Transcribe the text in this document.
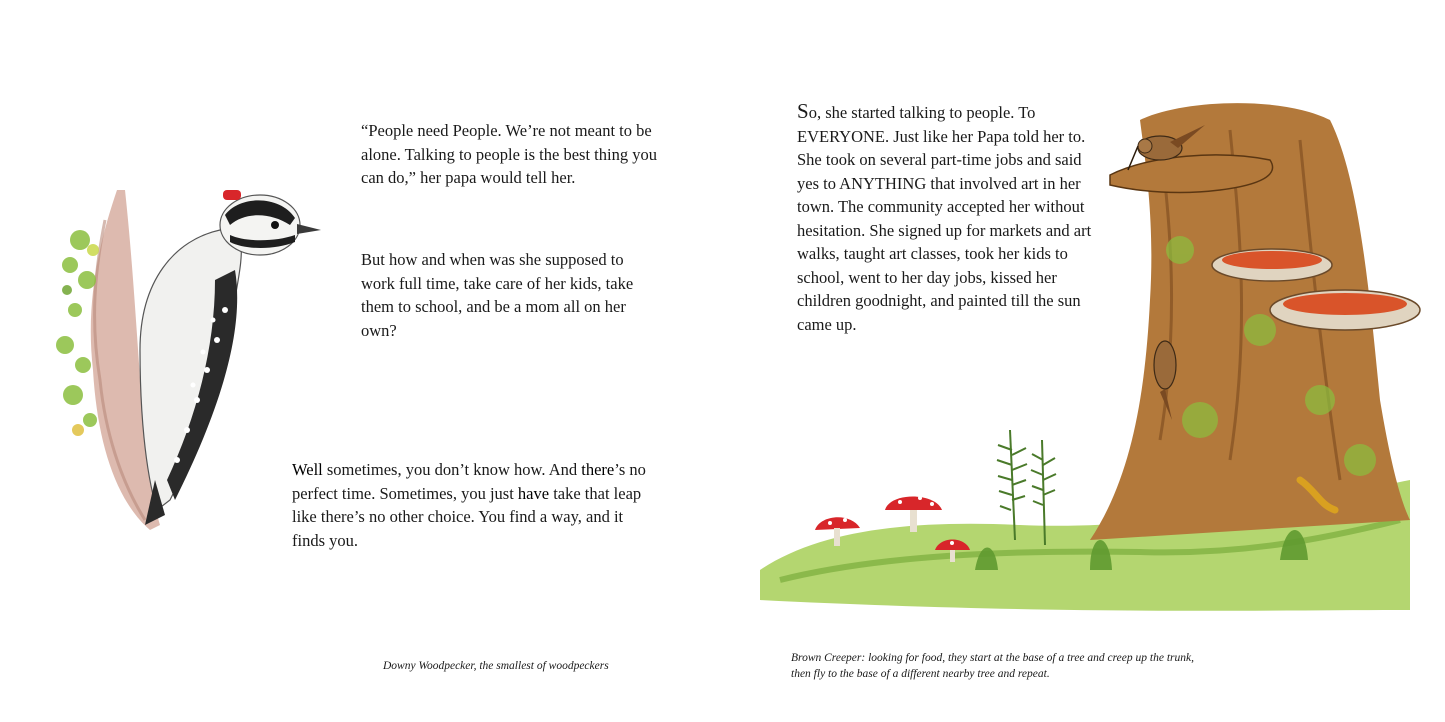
“People need People. We’re not meant to be alone. Talking to people is the best thing you can do,” her papa would tell her.

But how and when was she supposed to work full time, take care of her kids, take them to school, and be a mom all on her own?

Well sometimes, you don’t know how. And there’s no perfect time. Sometimes, you just have take that leap like there’s no other choice. You find a way, and it finds you.

Downy Woodpecker, the smallest of woodpeckers

So, she started talking to people. To EVERYONE. Just like her Papa told her to. She took on several part-time jobs and said yes to ANYTHING that involved art in her town. The community accepted her without hesitation. She signed up for markets and art walks, taught art classes, took her kids to school, went to her day jobs, kissed her children goodnight, and painted till the sun came up.

Brown Creeper: looking for food, they start at the base of a tree and creep up the trunk, then fly to the base of a different nearby tree and repeat.
